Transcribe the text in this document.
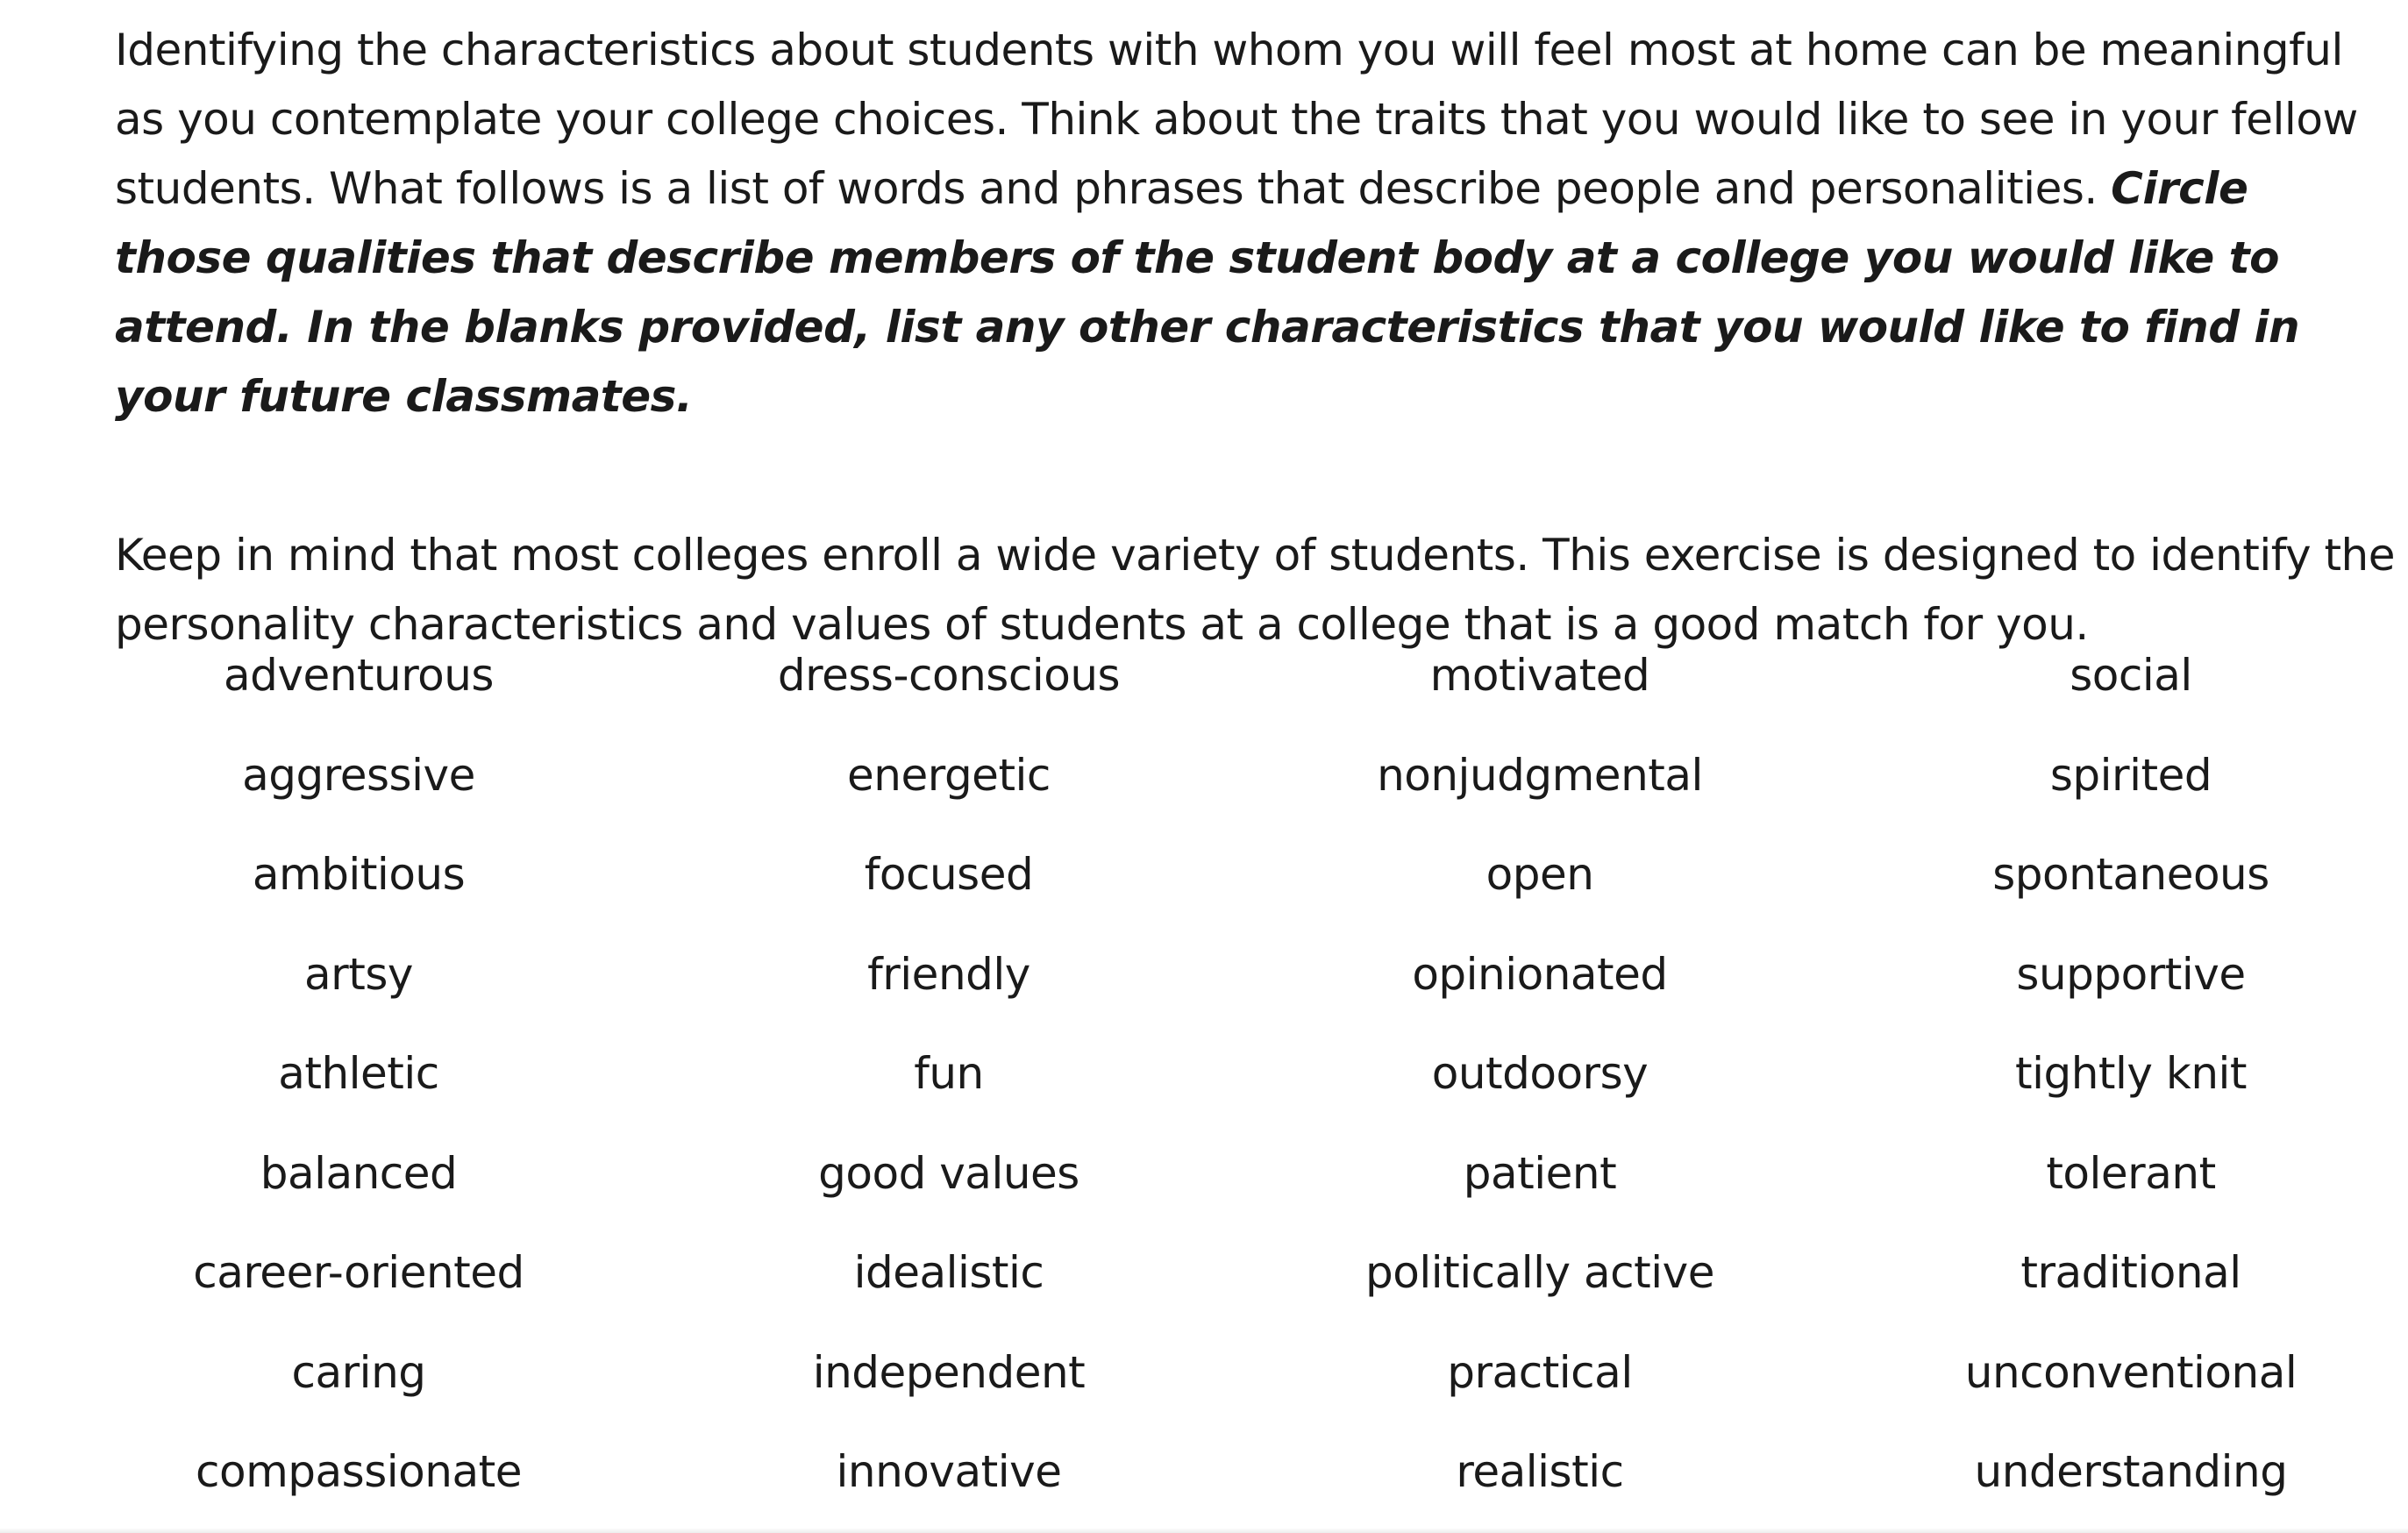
Identifying the characteristics about students with whom you will feel most at home can be meaningful as you contemplate your college choices. Think about the traits that you would like to see in your fellow students. What follows is a list of words and phrases that describe people and personalities. Circle those qualities that describe members of the student body at a college you would like to attend. In the blanks provided, list any other characteristics that you would like to find in your future classmates.

Keep in mind that most colleges enroll a wide variety of students. This exercise is designed to identify the personality characteristics and values of students at a college that is a good match for you.

adventurous
aggressive
ambitious
artsy
athletic
balanced
career-oriented
caring
compassionate
dress-conscious
energetic
focused
friendly
fun
good values
idealistic
independent
innovative
motivated
nonjudgmental
open
opinionated
outdoorsy
patient
politically active
practical
realistic
social
spirited
spontaneous
supportive
tightly knit
tolerant
traditional
unconventional
understanding
